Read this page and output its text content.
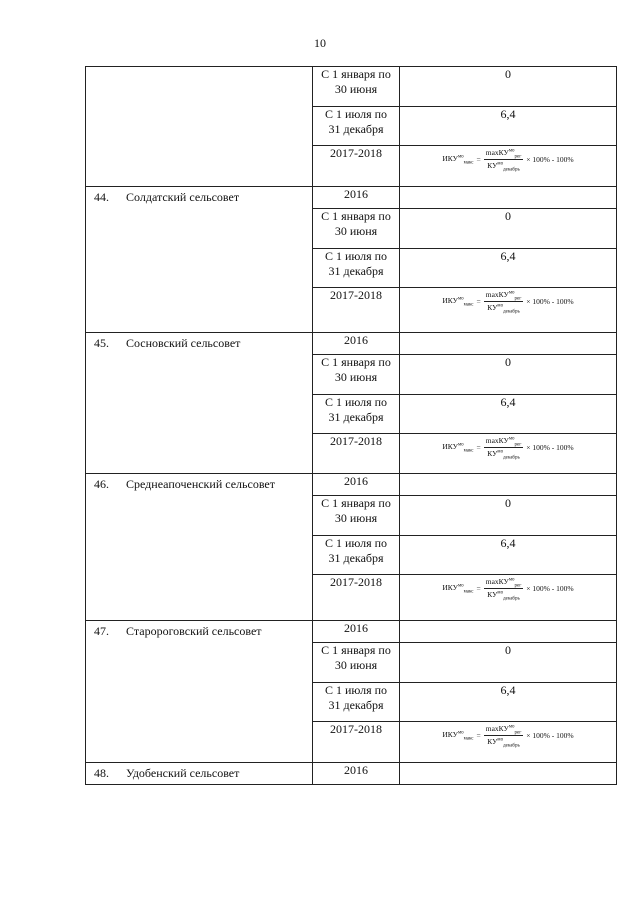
10

	С 1 января по
30 июня	0

	С 1 июля по
31 декабря	6,4
	2017-2018	$ИКУ^{мо}_{макс} = \frac{\max КУ^{мо}_{рег}}{КУ^{мо}_{декабрь}} \times 100\% - 100\%$

44. Солдатский сельсовет	2016	

	С 1 января по
30 июня	0

	С 1 июля по
31 декабря	6,4
	2017-2018	$ИКУ^{мо}_{макс} = \frac{\max КУ^{мо}_{рег}}{КУ^{мо}_{декабрь}} \times 100\% - 100\%$

45. Сосновский сельсовет	2016	

	С 1 января по
30 июня	0

	С 1 июля по
31 декабря	6,4
	2017-2018	$ИКУ^{мо}_{макс} = \frac{\max КУ^{мо}_{рег}}{КУ^{мо}_{декабрь}} \times 100\% - 100\%$

46. Среднеапоченский сельсовет	2016	

	С 1 января по
30 июня	0

	С 1 июля по
31 декабря	6,4
	2017-2018	$ИКУ^{мо}_{макс} = \frac{\max КУ^{мо}_{рег}}{КУ^{мо}_{декабрь}} \times 100\% - 100\%$

47. Старороговский сельсовет	2016	

	С 1 января по
30 июня	0

	С 1 июля по
31 декабря	6,4
	2017-2018	$ИКУ^{мо}_{макс} = \frac{\max КУ^{мо}_{рег}}{КУ^{мо}_{декабрь}} \times 100\% - 100\%$

48. Удобенский сельсовет	2016	
